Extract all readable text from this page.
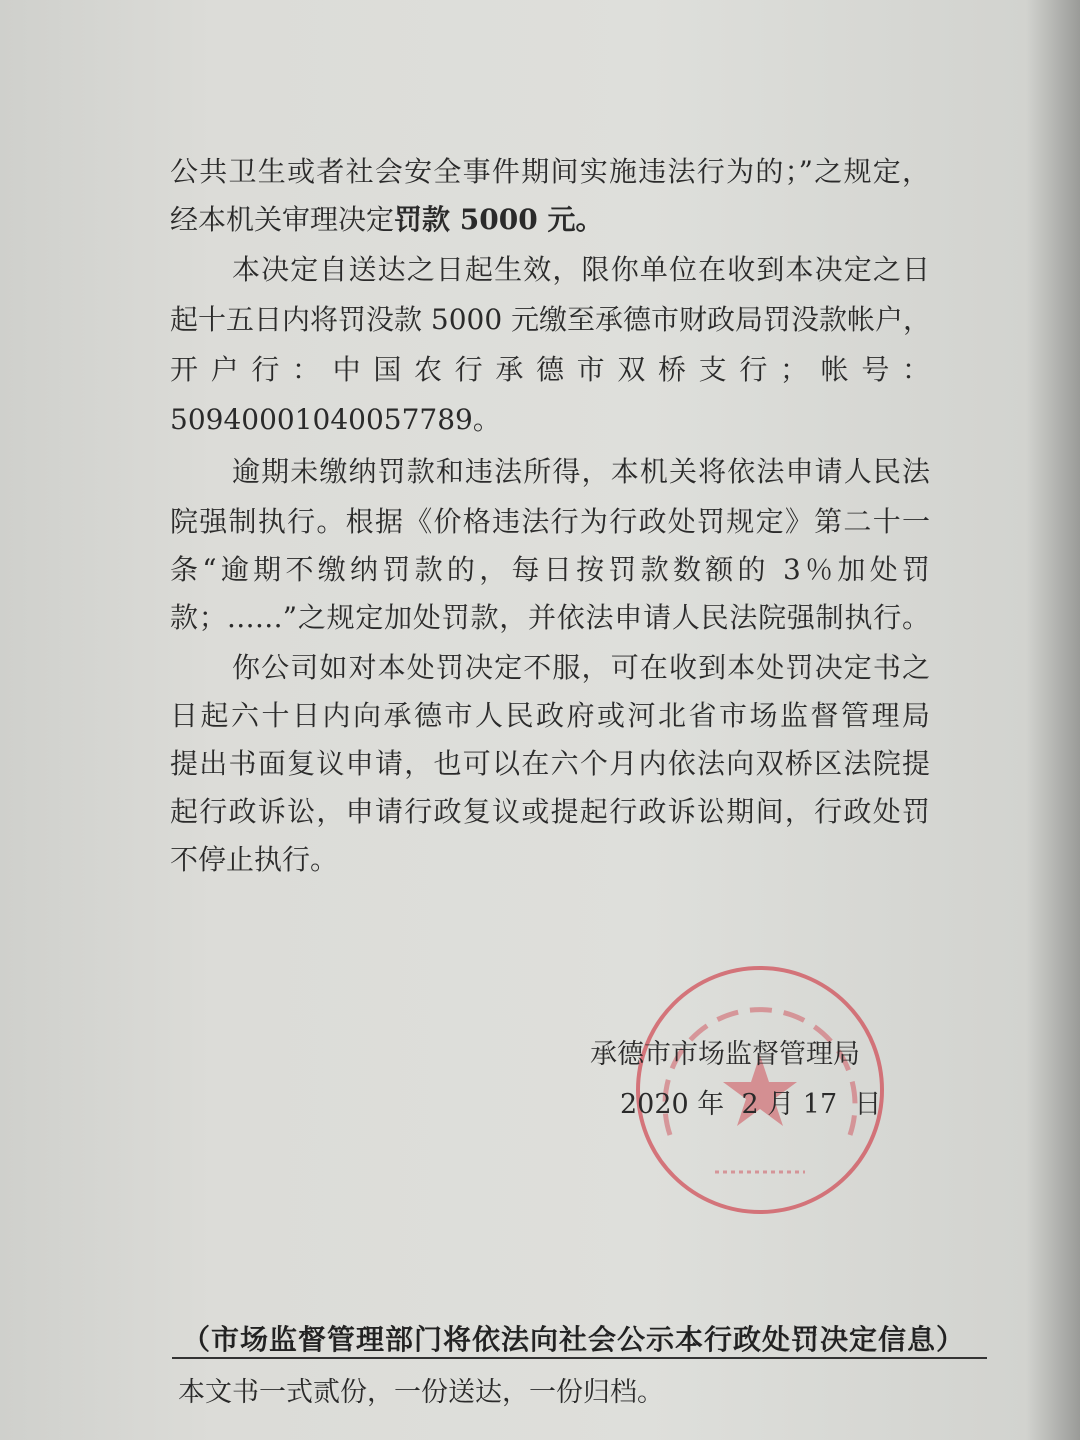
公共卫生或者社会安全事件期间实施违法行为的；”之规定，
经本机关审理决定罚款 5000 元。
本决定自送达之日起生效，限你单位在收到本决定之日
起十五日内将罚没款 5000 元缴至承德市财政局罚没款帐户，
开户行：中国农行承德市双桥支行；帐号：
50940001040057789。
逾期未缴纳罚款和违法所得，本机关将依法申请人民法
院强制执行。根据《价格违法行为行政处罚规定》第二十一
条“逾期不缴纳罚款的，每日按罚款数额的 3％加处罚
款；……”之规定加处罚款，并依法申请人民法院强制执行。
你公司如对本处罚决定不服，可在收到本处罚决定书之
日起六十日内向承德市人民政府或河北省市场监督管理局
提出书面复议申请，也可以在六个月内依法向双桥区法院提
起行政诉讼，申请行政复议或提起行政诉讼期间，行政处罚
不停止执行。
承德市市场监督管理局
2020 年  2 月 17  日
（市场监督管理部门将依法向社会公示本行政处罚决定信息）
本文书一式贰份，一份送达，一份归档。
